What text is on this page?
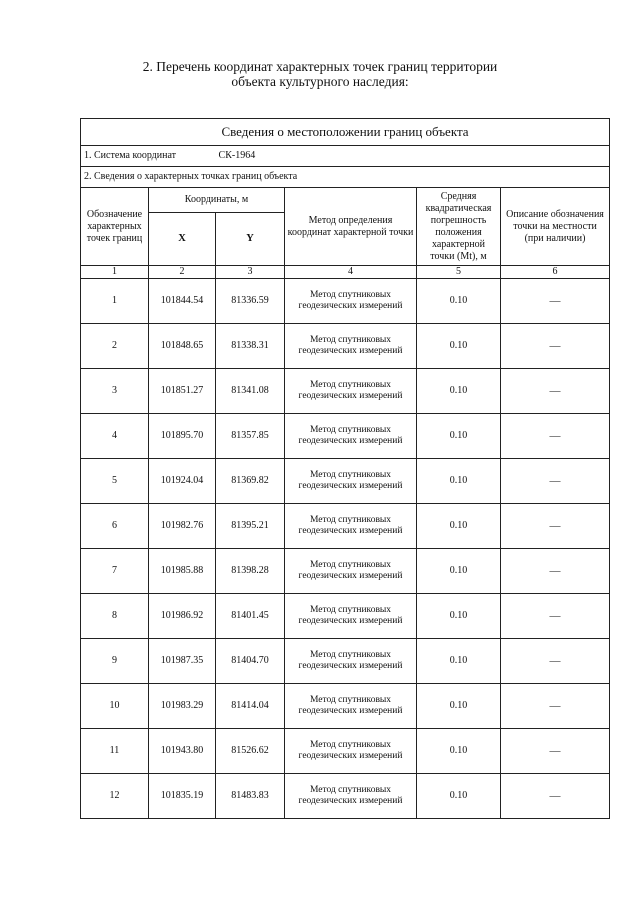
2. Перечень координат характерных точек границ территории
объекта культурного наследия:
Сведения о местоположении границ объекта					
1. Система координат СК-1964					
2. Сведения о характерных точках границ объекта					
Обозначение характерных точек границ	Координаты, м		Метод определения координат характерной точки	Средняя квадратическая погрешность положения характерной точки (Mt), м	Описание обозначения точки на местности (при наличии)
	X	Y			
1	2	3	4	5	6
1	101844.54	81336.59	Метод спутниковых геодезических измерений	0.10	—
2	101848.65	81338.31	Метод спутниковых геодезических измерений	0.10	—
3	101851.27	81341.08	Метод спутниковых геодезических измерений	0.10	—
4	101895.70	81357.85	Метод спутниковых геодезических измерений	0.10	—
5	101924.04	81369.82	Метод спутниковых геодезических измерений	0.10	—
6	101982.76	81395.21	Метод спутниковых геодезических измерений	0.10	—
7	101985.88	81398.28	Метод спутниковых геодезических измерений	0.10	—
8	101986.92	81401.45	Метод спутниковых геодезических измерений	0.10	—
9	101987.35	81404.70	Метод спутниковых геодезических измерений	0.10	—
10	101983.29	81414.04	Метод спутниковых геодезических измерений	0.10	—
11	101943.80	81526.62	Метод спутниковых геодезических измерений	0.10	—
12	101835.19	81483.83	Метод спутниковых геодезических измерений	0.10	—
